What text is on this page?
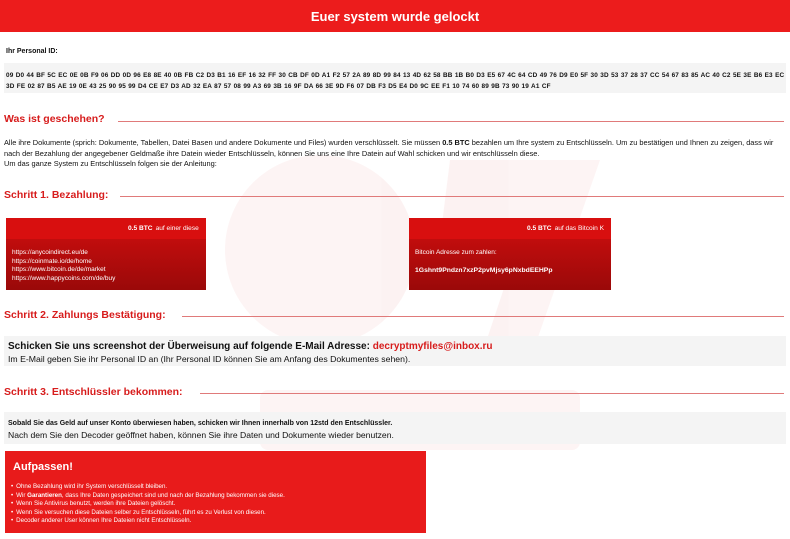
Euer system wurde gelockt
Ihr Personal ID:
09 D0 44 BF 5C EC 0E 0B F9 06 DD 0D 96 E8 8E 40 0B FB C2 D3 B1 16 EF 16 32 FF 30 CB DF 0D A1 F2 57 2A 89 8D 99 84 13 4D 62 58 BB 1B B0 D3 E5 67 4C 64 CD 49 76 D9 E0 5F 30 3D 53 37 28 37 CC 54 67 83 85 AC 40 C2 5E 3E B6 E3 EC 3D FE 02 87 B5 AE 19 0E 43 25 90 95 99 D4 CE E7 D3 AD 32 EA 87 57 08 99 A3 69 3B 16 9F DA 66 3E 9D F6 07 DB F3 D5 E4 D0 9C EE F1 10 74 60 89 9B 73 90 19 A1 CF
Was ist geschehen?
Alle ihre Dokumente (sprich: Dokumente, Tabellen, Datei Basen und andere Dokumente und Files) wurden verschlüsselt. Sie müssen 0.5 BTC bezahlen um Ihre system zu Entschlüsseln. Um zu bestätigen und Ihnen zu zeigen, dass wir nach der Bezahlung der angegebener Geldmaße ihre Datein wieder Entschlüsseln, können Sie uns eine Ihre Datein auf Wahl schicken und wir entschlüsseln diese.
Um das ganze System zu Entschlüsseln folgen sie der Anleitung:
Schritt 1. Bezahlung:
0.5 BTC auf einer diese
https://anycoindirect.eu/de
https://coinmate.io/de/home
https://www.bitcoin.de/de/market
https://www.happycoins.com/de/buy
0.5 BTC auf das Bitcoin K
Bitcoin Adresse zum zahlen:
1Gshnt9Pndzn7xzP2pvMjsy6pNxbdEEHPp
Schritt 2. Zahlungs Bestätigung:
Schicken Sie uns screenshot der Überweisung auf folgende E-Mail Adresse: decryptmyfiles@inbox.ru
Im E-Mail geben Sie ihr Personal ID an (Ihr Personal ID können Sie am Anfang des Dokumentes sehen).
Schritt 3. Entschlüssler bekommen:
Sobald Sie das Geld auf unser Konto überwiesen haben, schicken wir Ihnen innerhalb von 12std den Entschlüssler.
Nach dem Sie den Decoder geöffnet haben, können Sie ihre Daten und Dokumente wieder benutzen.
Aufpassen!
• Ohne Bezahlung wird ihr System verschlüsselt bleiben.
• Wir Garantieren, dass Ihre Daten gespeichert sind und nach der Bezahlung bekommen sie diese.
• Wenn Sie Antivirus benutzt, werden ihre Dateien gelöscht.
• Wenn Sie versuchen diese Dateien selber zu Entschlüsseln, führt es zu Verlust von diesen.
• Decoder anderer User können Ihre Dateien nicht Entschlüsseln.
